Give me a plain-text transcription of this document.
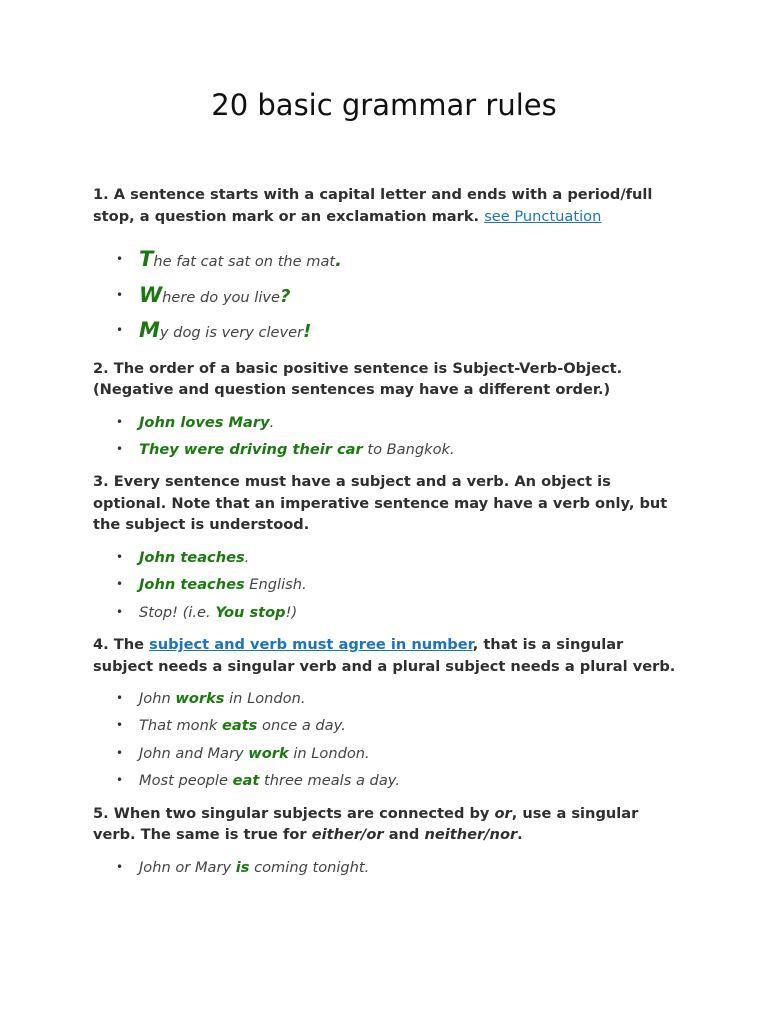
20 basic grammar rules

1. A sentence starts with a capital letter and ends with a period/full stop, a question mark or an exclamation mark. see Punctuation

• The fat cat sat on the mat.
• Where do you live?
• My dog is very clever!

2. The order of a basic positive sentence is Subject-Verb-Object. (Negative and question sentences may have a different order.)

• John loves Mary.
• They were driving their car to Bangkok.

3. Every sentence must have a subject and a verb. An object is optional. Note that an imperative sentence may have a verb only, but the subject is understood.

• John teaches.
• John teaches English.
• Stop! (i.e. You stop!)

4. The subject and verb must agree in number, that is a singular subject needs a singular verb and a plural subject needs a plural verb.

• John works in London.
• That monk eats once a day.
• John and Mary work in London.
• Most people eat three meals a day.

5. When two singular subjects are connected by or, use a singular verb. The same is true for either/or and neither/nor.

• John or Mary is coming tonight.
